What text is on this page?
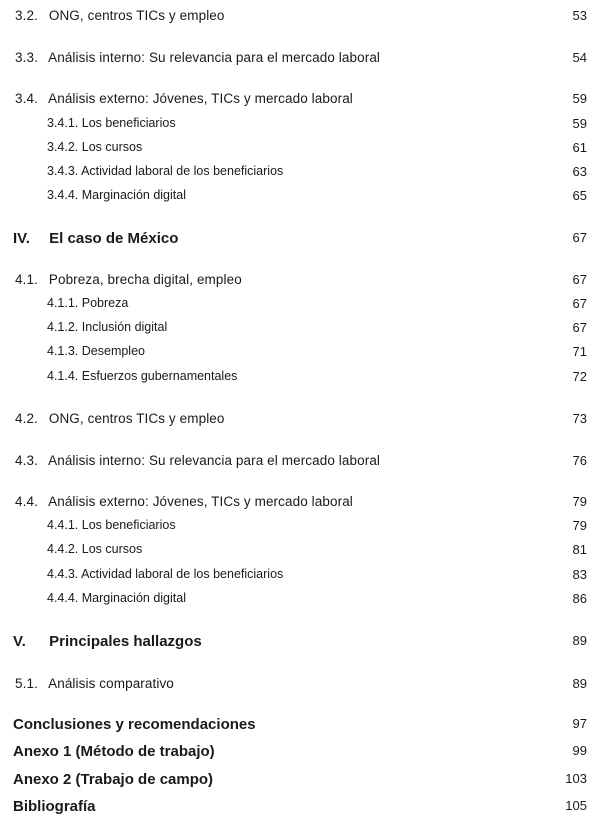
3.2. ONG, centros TICs y empleo	53
3.3. Análisis interno: Su relevancia para el mercado laboral	54
3.4. Análisis externo: Jóvenes, TICs y mercado laboral	59
3.4.1. Los beneficiarios	59
3.4.2. Los cursos	61
3.4.3. Actividad laboral de los beneficiarios	63
3.4.4. Marginación digital	65
IV. El caso de México	67
4.1. Pobreza, brecha digital, empleo	67
4.1.1. Pobreza	67
4.1.2. Inclusión digital	67
4.1.3. Desempleo	71
4.1.4. Esfuerzos gubernamentales	72
4.2. ONG, centros TICs y empleo	73
4.3. Análisis interno: Su relevancia para el mercado laboral	76
4.4. Análisis externo: Jóvenes, TICs y mercado laboral	79
4.4.1. Los beneficiarios	79
4.4.2. Los cursos	81
4.4.3. Actividad laboral de los beneficiarios	83
4.4.4. Marginación digital	86
V. Principales hallazgos	89
5.1. Análisis comparativo	89
Conclusiones y recomendaciones	97
Anexo 1 (Método de trabajo)	99
Anexo 2 (Trabajo de campo)	103
Bibliografía	105
